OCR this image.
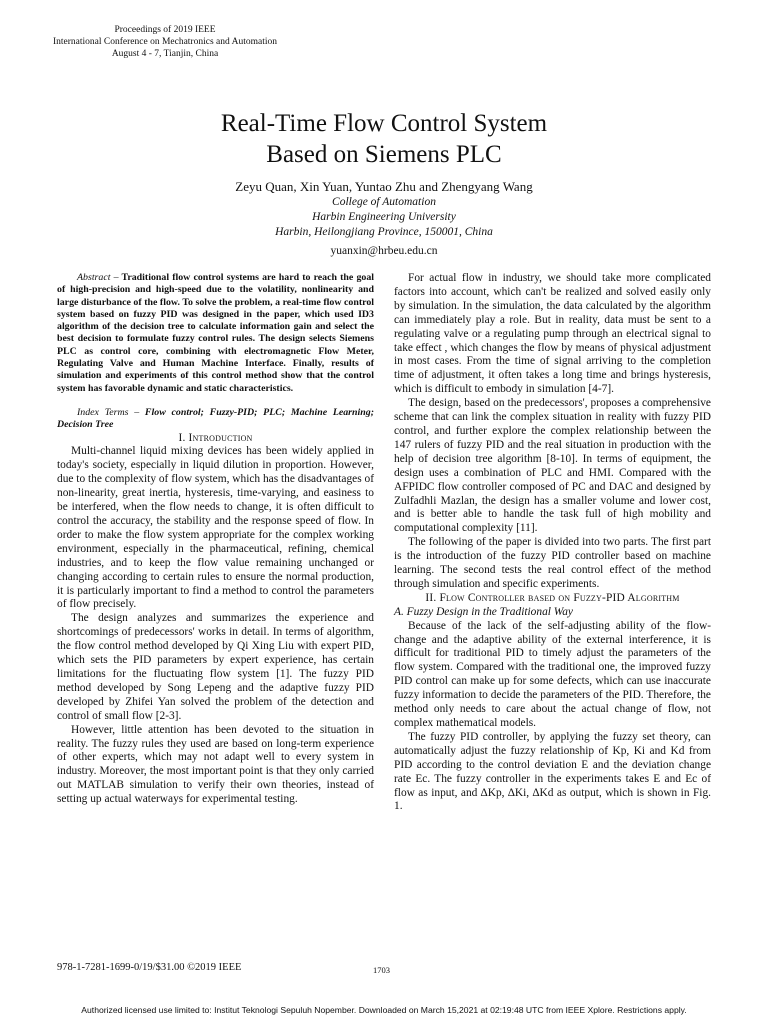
Proceedings of 2019 IEEE
International Conference on Mechatronics and Automation
August 4 - 7, Tianjin, China
Real-Time Flow Control System
Based on Siemens PLC
Zeyu Quan, Xin Yuan, Yuntao Zhu and Zhengyang Wang
College of Automation
Harbin Engineering University
Harbin, Heilongjiang Province, 150001, China
yuanxin@hrbeu.edu.cn

Abstract – Traditional flow control systems are hard to reach the goal of high-precision and high-speed due to the volatility, nonlinearity and large disturbance of the flow. To solve the problem, a real-time flow control system based on fuzzy PID was designed in the paper, which used ID3 algorithm of the decision tree to calculate information gain and select the best decision to formulate fuzzy control rules. The design selects Siemens PLC as control core, combining with electromagnetic Flow Meter, Regulating Valve and Human Machine Interface. Finally, results of simulation and experiments of this control method show that the control system has favorable dynamic and static characteristics.

Index Terms – Flow control; Fuzzy-PID; PLC; Machine Learning; Decision Tree

I. Introduction

Multi-channel liquid mixing devices has been widely applied in today's society, especially in liquid dilution in proportion. However, due to the complexity of flow system, which has the disadvantages of non-linearity, great inertia, hysteresis, time-varying, and easiness to be interfered, when the flow needs to change, it is often difficult to control the accuracy, the stability and the response speed of flow. In order to make the flow system appropriate for the complex working environment, especially in the pharmaceutical, refining, chemical industries, and to keep the flow value remaining unchanged or changing according to certain rules to ensure the normal production, it is particularly important to find a method to control the parameters of flow precisely.

The design analyzes and summarizes the experience and shortcomings of predecessors' works in detail. In terms of algorithm, the flow control method developed by Qi Xing Liu with expert PID, which sets the PID parameters by expert experience, has certain limitations for the fluctuating flow system [1]. The fuzzy PID method developed by Song Lepeng and the adaptive fuzzy PID developed by Zhifei Yan solved the problem of the detection and control of small flow [2-3].

However, little attention has been devoted to the situation in reality. The fuzzy rules they used are based on long-term experience of other experts, which may not adapt well to every system in industry. Moreover, the most important point is that they only carried out MATLAB simulation to verify their own theories, instead of setting up actual waterways for experimental testing.

For actual flow in industry, we should take more complicated factors into account, which can't be realized and solved easily only by simulation. In the simulation, the data calculated by the algorithm can immediately play a role. But in reality, data must be sent to a regulating valve or a regulating pump through an electrical signal to take effect , which changes the flow by means of physical adjustment in most cases. From the time of signal arriving to the completion time of adjustment, it often takes a long time and brings hysteresis, which is difficult to embody in simulation [4-7].

The design, based on the predecessors', proposes a comprehensive scheme that can link the complex situation in reality with fuzzy PID control, and further explore the complex relationship between the 147 rulers of fuzzy PID and the real situation in production with the help of decision tree algorithm [8-10]. In terms of equipment, the design uses a combination of PLC and HMI. Compared with the AFPIDC flow controller composed of PC and DAC and designed by Zulfadhli Mazlan, the design has a smaller volume and lower cost, and is better able to handle the task full of high mobility and computational complexity [11].

The following of the paper is divided into two parts. The first part is the introduction of the fuzzy PID controller based on machine learning. The second tests the real control effect of the method through simulation and specific experiments.

II. Flow Controller based on Fuzzy-PID Algorithm

A. Fuzzy Design in the Traditional Way

Because of the lack of the self-adjusting ability of the flow-change and the adaptive ability of the external interference, it is difficult for traditional PID to timely adjust the parameters of the flow system. Compared with the traditional one, the improved fuzzy PID control can make up for some defects, which can use inaccurate fuzzy information to decide the parameters of the PID. Therefore, the method only needs to care about the actual change of flow, not complex mathematical models.

The fuzzy PID controller, by applying the fuzzy set theory, can automatically adjust the fuzzy relationship of Kp, Ki and Kd from PID according to the control deviation E and the deviation change rate Ec. The fuzzy controller in the experiments takes E and Ec of flow as input, and ∆Kp, ∆Ki, ∆Kd as output, which is shown in Fig. 1.

978-1-7281-1699-0/19/$31.00 ©2019 IEEE	1703
Authorized licensed use limited to: Institut Teknologi Sepuluh Nopember. Downloaded on March 15,2021 at 02:19:48 UTC from IEEE Xplore. Restrictions apply.
